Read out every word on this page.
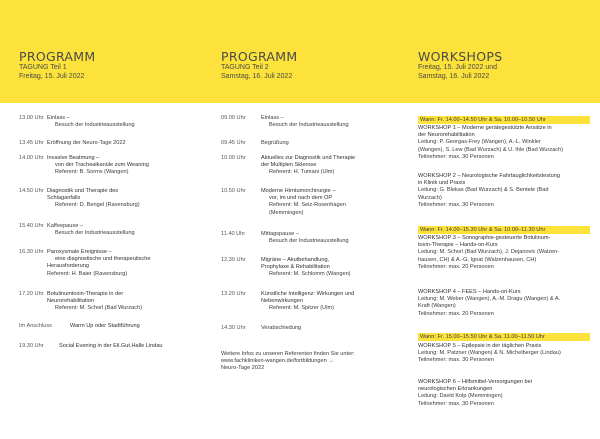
PROGRAMM
TAGUNG Teil 1
Freitag, 15. Juli 2022
PROGRAMM
TAGUNG Teil 2
Samstag, 16. Juli 2022
WORKSHOPS
Freitag, 15. Juli 2022 und
Samstag, 16. Juli 2022
13.00 Uhr Einlass –
Besuch der Industrieausstellung
13.45 Uhr Eröffnung der Neuro-Tage 2022
14.00 Uhr Invasive Beatmung –
von der Trachealkanüle zum Weaning
Referent: B. Sorms (Wangen)
14.50 Uhr Diagnostik und Therapie des
Schlaganfalls
Referent: D. Bengel (Ravensburg)
15.40 Uhr Kaffeepause –
Besuch der Industrieausstellung
16.30 Uhr Paroxysmale Ereignisse –
eine diagnostische und therapeutische
Herausforderung
Referent: H. Baier (Ravensburg)
17.20 Uhr Botulinumtoxin-Therapie in der
Neurorehabilitation
Referent: M. Schorl (Bad Wurzach)
Im Anschluss	Warm Up oder Stadtführung
19.30 Uhr	Social Evening in der Eil.Gut.Halle Lindau
09.00 Uhr	Einlass –
Besuch der Industrieausstellung
09.45 Uhr	Begrüßung
10.00 Uhr	Aktuelles zur Diagnostik und Therapie
der Multiplen Sklerose
Referent: H. Tumani (Ulm)
10.50 Uhr	Moderne Hirntumorchirurgie –
vor, im und nach dem OP
Referent: M. Seiz-Rosenhagen
(Memmingen)
11.40 Uhr	Mittagspause –
Besuch der Industrieausstellung
12.30 Uhr	Migräne – Akutbehandlung,
Prophylaxe & Rehabilitation
Referent: M. Schlomm (Wangen)
13.20 Uhr	Künstliche Intelligenz: Wirkungen und
Nebenwirkungen
Referent: M. Spitzer (Ulm)
14.30 Uhr	Verabschiedung
Weitere Infos zu unseren Referenten finden Sie unter:
www.fachkliniken-wangen.de/fortbildungen →
Neuro-Tage 2022
Wann: Fr. 14.00–14.50 Uhr & Sa. 10.00–10.50 Uhr
WORKSHOP 1 – Moderne gerätegestützte Ansätze in
der Neurorehabilitation
Leitung: P. Georgas-Frey (Wangen), A.-L. Winkler
(Wangen), S. Lew (Bad Wurzach) & U. Ihle (Bad Wurzach)
Teilnehmer: max. 30 Personen
WORKSHOP 2 – Neurologische Fahrtauglichkeitstestung
in Klinik und Praxis
Leitung: G. Blekas (Bad Wurzach) & S. Bentele (Bad
Wurzach)
Teilnehmer: max. 30 Personen
Wann: Fr. 14.00–15.30 Uhr & Sa. 10.00–11.30 Uhr
WORKSHOP 3 – Sonographie-gesteuerte Botulinum-
toxin-Therapie – Hands-on-Kurs
Leitung: M. Schorl (Bad Wurzach), J. Dejanovic (Walzen-
hausen, CH) & A.-G. Ignat (Walzenhausen, CH)
Teilnehmer: max. 20 Personen
WORKSHOP 4 – FEES – Hands-on-Kurs
Leitung: M. Weber (Wangen), A.-M. Dragu (Wangen) & A.
Kraft (Wangen)
Teilnehmer: max. 20 Personen
Wann: Fr. 15.00–15.50 Uhr & Sa. 11.00–11.50 Uhr
WORKSHOP 5 – Epilepsie in der täglichen Praxis
Leitung: M. Patzner (Wangen) & N. Michelberger (Lindau)
Teilnehmer: max. 30 Personen
WORKSHOP 6 – Hilfsmittel-Versorgungen bei
neurologischen Erkrankungen
Leitung: David Kolp (Memmingen)
Teilnehmer: max. 30 Personen
